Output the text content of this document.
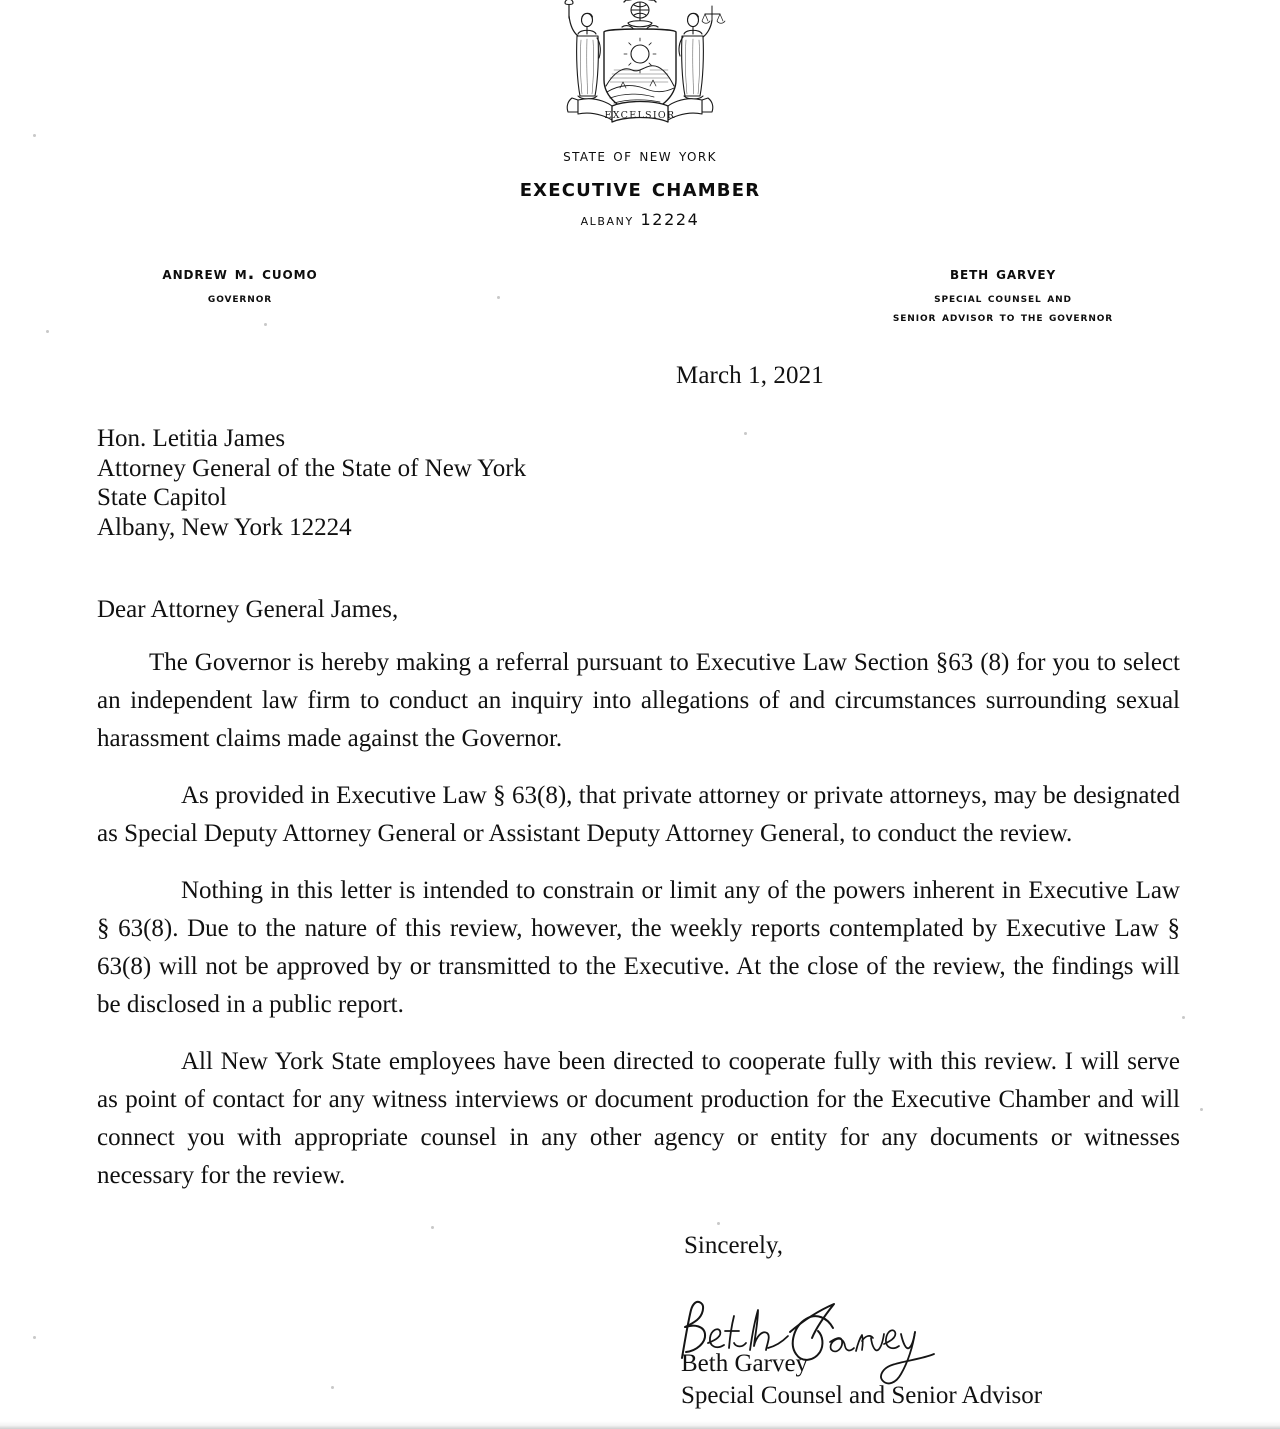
EXCELSIOR
state of new york
executive chamber
albany 12224
andrew m. cuomo
governor
beth garvey
special counsel and
senior advisor to the governor
March 1, 2021
Hon. Letitia James
Attorney General of the State of New York
State Capitol
Albany, New York 12224
Dear Attorney General James,

The Governor is hereby making a referral pursuant to Executive Law Section §63 (8) for you to select an independent law firm to conduct an inquiry into allegations of and circumstances surrounding sexual harassment claims made against the Governor.

As provided in Executive Law § 63(8), that private attorney or private attorneys, may be designated as Special Deputy Attorney General or Assistant Deputy Attorney General, to conduct the review.

Nothing in this letter is intended to constrain or limit any of the powers inherent in Executive Law § 63(8). Due to the nature of this review, however, the weekly reports contemplated by Executive Law § 63(8) will not be approved by or transmitted to the Executive. At the close of the review, the findings will be disclosed in a public report.

All New York State employees have been directed to cooperate fully with this review. I will serve as point of contact for any witness interviews or document production for the Executive Chamber and will connect you with appropriate counsel in any other agency or entity for any documents or witnesses necessary for the review.

Sincerely,
Beth Garvey
Special Counsel and Senior Advisor
